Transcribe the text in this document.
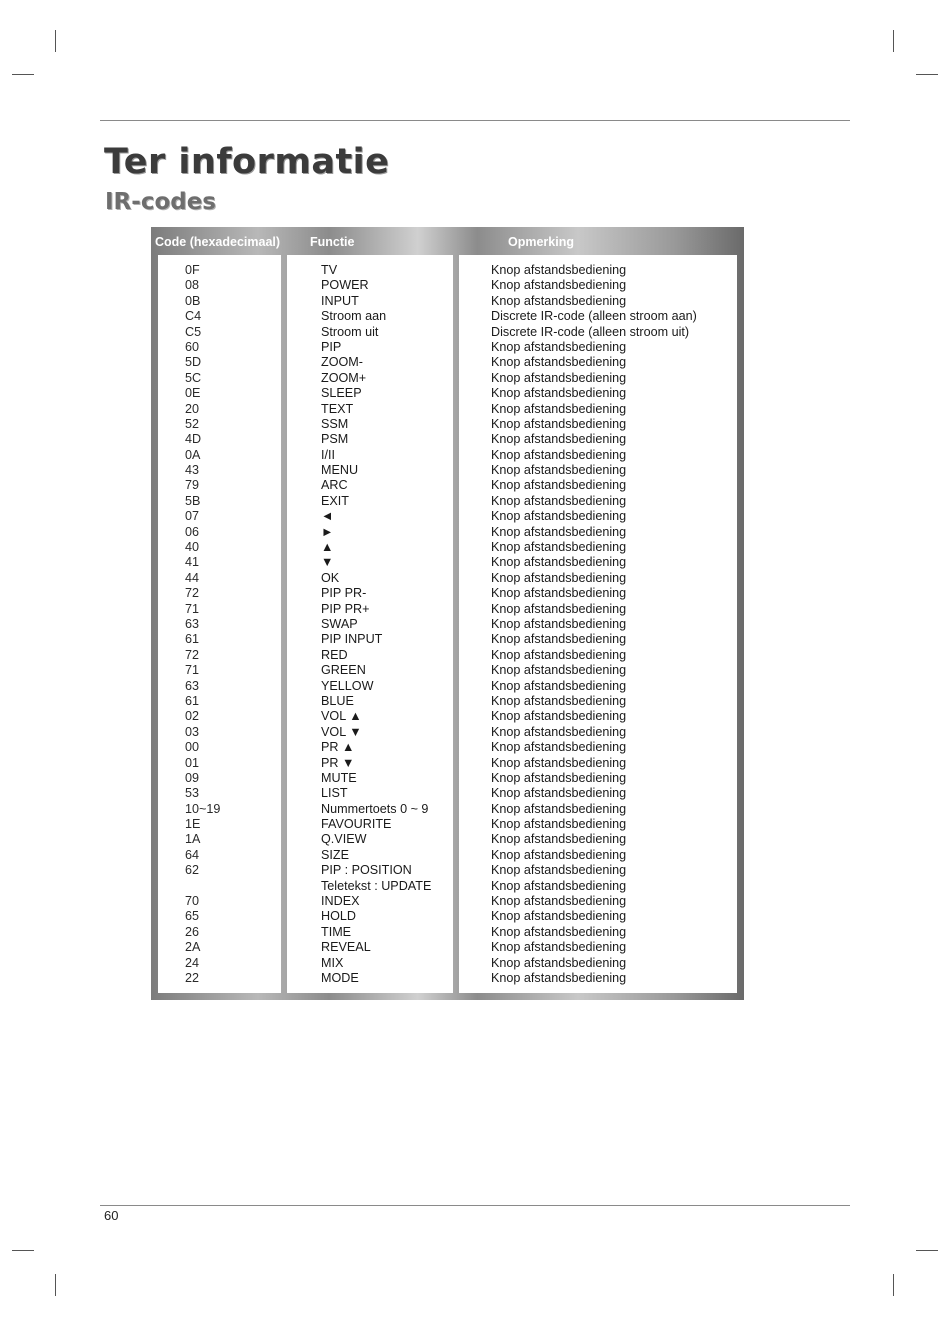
Ter informatie
IR-codes
Code (hexadecimaal) Functie	Opmerking
0F
08
0B
C4
C5
60
5D
5C
0E
20
52
4D
0A
43
79
5B
07
06
40
41
44
72
71
63
61
72
71
63
61
02
03
00
01
09
53
10~19
1E
1A
64
62
70
65
26
2A
24
22
TV
POWER
INPUT
Stroom aan
Stroom uit
PIP
ZOOM-
ZOOM+
SLEEP
TEXT
SSM
PSM
I/II
MENU
ARC
EXIT
◄
►
▲
▼
OK
PIP PR-
PIP PR+
SWAP
PIP INPUT
RED
GREEN
YELLOW
BLUE
VOL ▲
VOL ▼
PR ▲
PR ▼
MUTE
LIST
Nummertoets 0 ~ 9
FAVOURITE
Q.VIEW
SIZE
PIP : POSITION
Teletekst : UPDATE
INDEX
HOLD
TIME
REVEAL
MIX
MODE
Knop afstandsbediening
Knop afstandsbediening
Knop afstandsbediening
Discrete IR-code (alleen stroom aan)
Discrete IR-code (alleen stroom uit)
Knop afstandsbediening
Knop afstandsbediening
Knop afstandsbediening
Knop afstandsbediening
Knop afstandsbediening
Knop afstandsbediening
Knop afstandsbediening
Knop afstandsbediening
Knop afstandsbediening
Knop afstandsbediening
Knop afstandsbediening
Knop afstandsbediening
Knop afstandsbediening
Knop afstandsbediening
Knop afstandsbediening
Knop afstandsbediening
Knop afstandsbediening
Knop afstandsbediening
Knop afstandsbediening
Knop afstandsbediening
Knop afstandsbediening
Knop afstandsbediening
Knop afstandsbediening
Knop afstandsbediening
Knop afstandsbediening
Knop afstandsbediening
Knop afstandsbediening
Knop afstandsbediening
Knop afstandsbediening
Knop afstandsbediening
Knop afstandsbediening
Knop afstandsbediening
Knop afstandsbediening
Knop afstandsbediening
Knop afstandsbediening
Knop afstandsbediening
Knop afstandsbediening
Knop afstandsbediening
Knop afstandsbediening
Knop afstandsbediening
Knop afstandsbediening
Knop afstandsbediening
60
